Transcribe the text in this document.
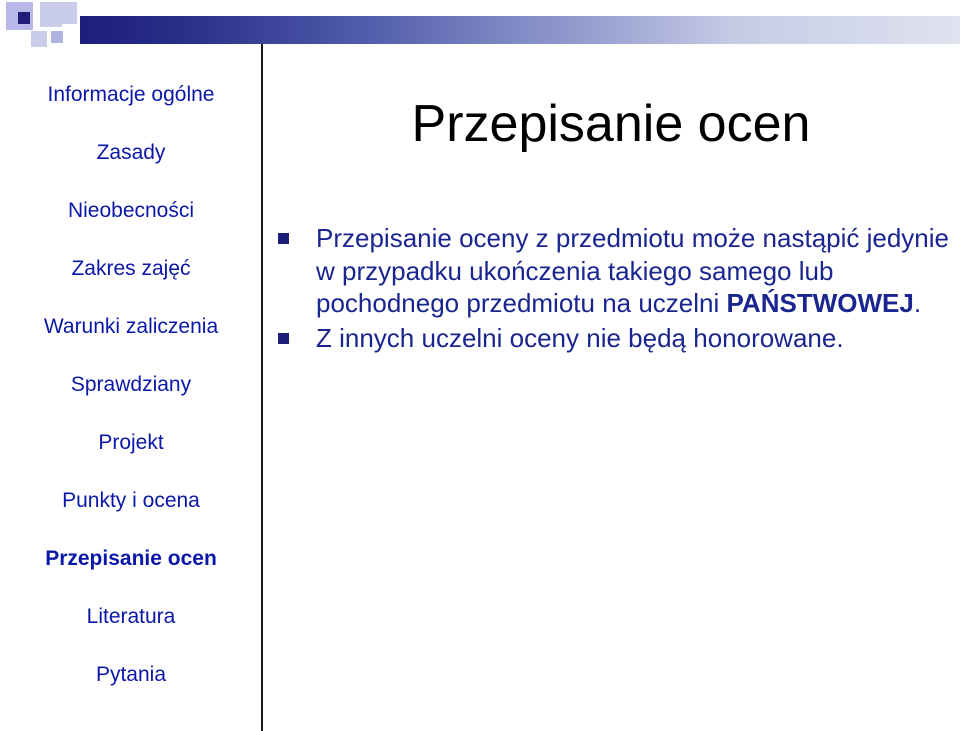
Informacje ogólne
Zasady
Nieobecności
Zakres zajęć
Warunki zaliczenia
Sprawdziany
Projekt
Punkty i ocena
Przepisanie ocen
Literatura
Pytania
Przepisanie ocen
Przepisanie oceny z przedmiotu może nastąpić jedynie w przypadku ukończenia takiego samego lub pochodnego przedmiotu na uczelni PAŃSTWOWEJ.
Z innych uczelni oceny nie będą honorowane.
